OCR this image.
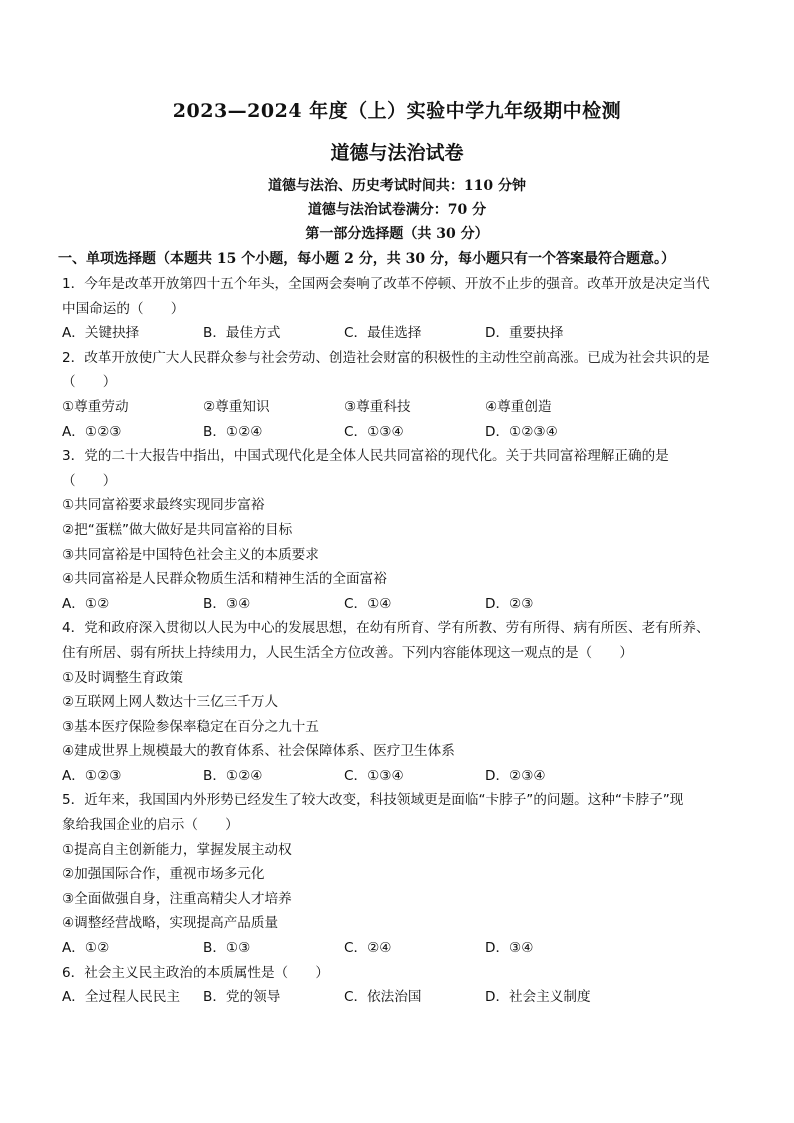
2023—2024 年度（上）实验中学九年级期中检测
道德与法治试卷
道德与法治、历史考试时间共：110 分钟
道德与法治试卷满分：70 分
第一部分选择题（共 30 分）
一、单项选择题（本题共 15 个小题，每小题 2 分，共 30 分，每小题只有一个答案最符合题意。）
1．今年是改革开放第四十五个年头，全国两会奏响了改革不停顿、开放不止步的强音。改革开放是决定当代
中国命运的（　　）
A．关键抉择	B．最佳方式	C．最佳选择	D．重要抉择
2．改革开放使广大人民群众参与社会劳动、创造社会财富的积极性的主动性空前高涨。已成为社会共识的是
（　　）
①尊重劳动	②尊重知识	③尊重科技	④尊重创造
A．①②③	B．①②④	C．①③④	D．①②③④
3．党的二十大报告中指出，中国式现代化是全体人民共同富裕的现代化。关于共同富裕理解正确的是
（　　）
①共同富裕要求最终实现同步富裕
②把“蛋糕”做大做好是共同富裕的目标
③共同富裕是中国特色社会主义的本质要求
④共同富裕是人民群众物质生活和精神生活的全面富裕
A．①②	B．③④	C．①④	D．②③
4．党和政府深入贯彻以人民为中心的发展思想，在幼有所育、学有所教、劳有所得、病有所医、老有所养、
住有所居、弱有所扶上持续用力，人民生活全方位改善。下列内容能体现这一观点的是（　　）
①及时调整生育政策
②互联网上网人数达十三亿三千万人
③基本医疗保险参保率稳定在百分之九十五
④建成世界上规模最大的教育体系、社会保障体系、医疗卫生体系
A．①②③	B．①②④	C．①③④	D．②③④
5．近年来，我国国内外形势已经发生了较大改变，科技领域更是面临“卡脖子”的问题。这种“卡脖子”现
象给我国企业的启示（　　）
①提高自主创新能力，掌握发展主动权
②加强国际合作，重视市场多元化
③全面做强自身，注重高精尖人才培养
④调整经营战略，实现提高产品质量
A．①②	B．①③	C．②④	D．③④
6．社会主义民主政治的本质属性是（　　）
A．全过程人民民主	B．党的领导	C．依法治国	D．社会主义制度
